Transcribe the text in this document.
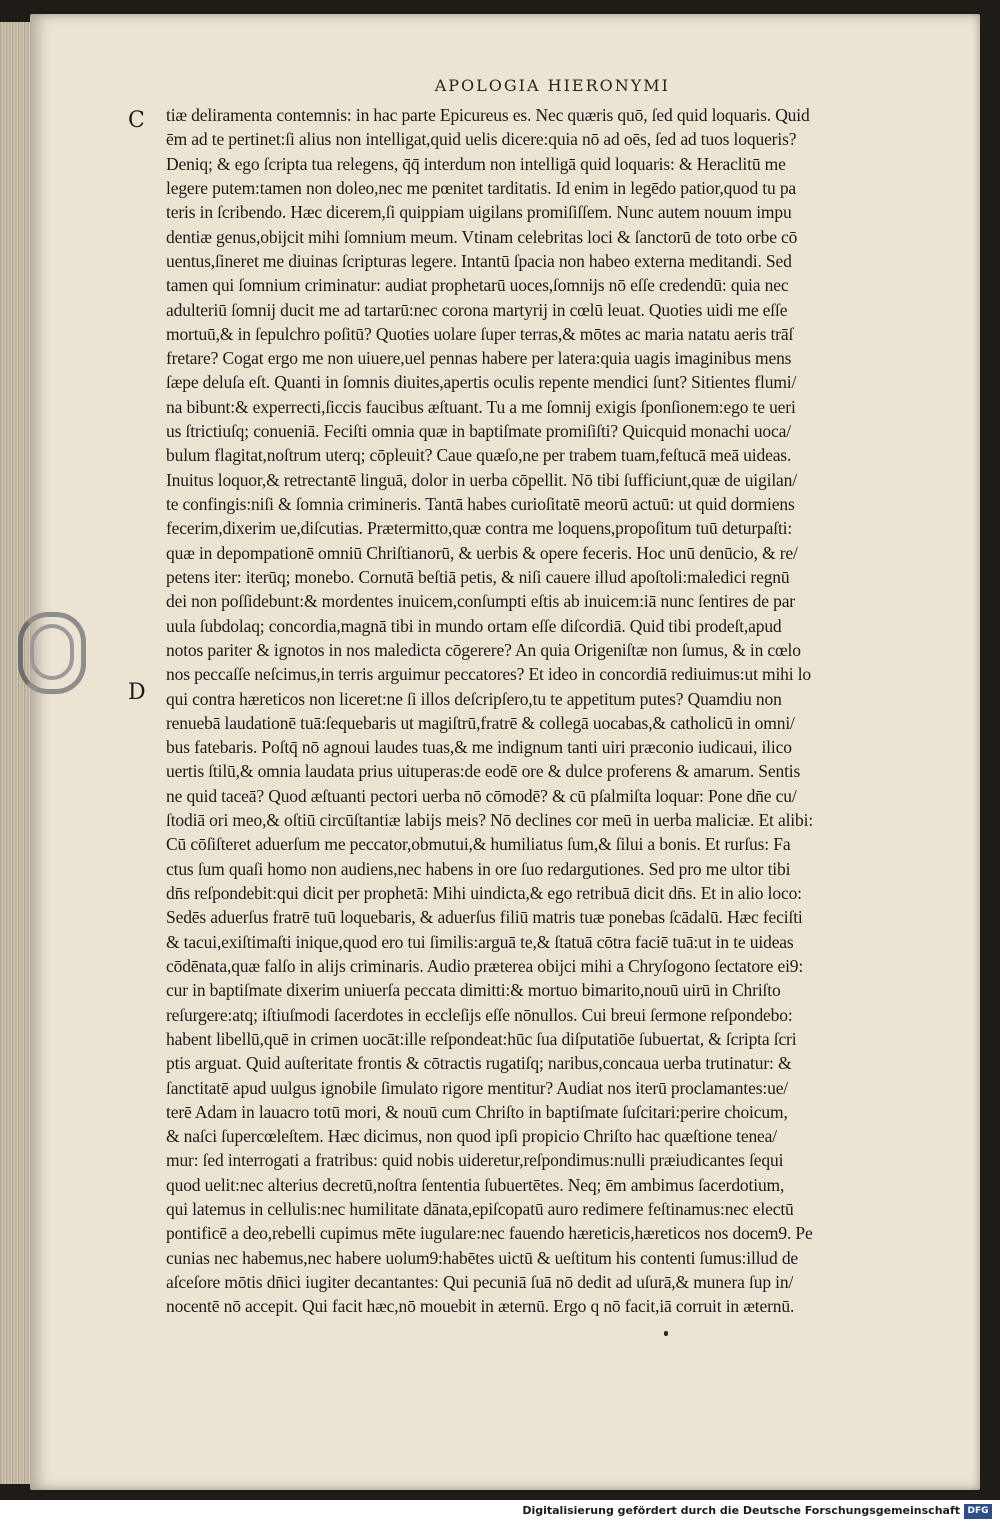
APOLOGIA HIERONYMI
C
D
tiæ deliramenta contemnis: in hac parte Epicureus es. Nec quæris quō, ſed quid loquaris. Quid
ēm ad te pertinet:ſi alius non intelligat,quid uelis dicere:quia nō ad oēs, ſed ad tuos loqueris?
Deniq; & ego ſcripta tua relegens, q̄q̄ interdum non intelligā quid loquaris: & Heraclitū me
legere putem:tamen non doleo,nec me pœnitet tarditatis. Id enim in legēdo patior,quod tu pa
teris in ſcribendo. Hæc dicerem,ſi quippiam uigilans promiſiſſem. Nunc autem nouum impu
dentiæ genus,obijcit mihi ſomnium meum. Vtinam celebritas loci & ſanctorū de toto orbe cō
uentus,ſineret me diuinas ſcripturas legere. Intantū ſpacia non habeo externa meditandi. Sed
tamen qui ſomnium criminatur: audiat prophetarū uoces,ſomnijs nō eſſe credendū: quia nec
adulteriū ſomnij ducit me ad tartarū:nec corona martyrij in cœlū leuat. Quoties uidi me eſſe
mortuū,& in ſepulchro poſitū? Quoties uolare ſuper terras,& mōtes ac maria natatu aeris trāſ
fretare? Cogat ergo me non uiuere,uel pennas habere per latera:quia uagis imaginibus mens
ſæpe deluſa eſt. Quanti in ſomnis diuites,apertis oculis repente mendici ſunt? Sitientes flumi/
na bibunt:& experrecti,ſiccis faucibus æſtuant. Tu a me ſomnij exigis ſponſionem:ego te ueri
us ſtrictiuſq; conueniā. Feciſti omnia quæ in baptiſmate promiſiſti? Quicquid monachi uoca/
bulum flagitat,noſtrum uterq; cōpleuit? Caue quæſo,ne per trabem tuam,feſtucā meā uideas.
Inuitus loquor,& retrectantē linguā, dolor in uerba cōpellit. Nō tibi ſufficiunt,quæ de uigilan/
te confingis:niſi & ſomnia crimineris. Tantā habes curioſitatē meorū actuū: ut quid dormiens
fecerim,dixerim ue,diſcutias. Prætermitto,quæ contra me loquens,propoſitum tuū deturpaſti:
quæ in depompationē omniū Chriſtianorū, & uerbis & opere feceris. Hoc unū denūcio, & re/
petens iter: iterūq; monebo. Cornutā beſtiā petis, & niſi cauere illud apoſtoli:maledici regnū
dei non poſſidebunt:& mordentes inuicem,conſumpti eſtis ab inuicem:iā nunc ſentires de par
uula ſubdolaq; concordia,magnā tibi in mundo ortam eſſe diſcordiā. Quid tibi prodeſt,apud
notos pariter & ignotos in nos maledicta cōgerere? An quia Origeniſtæ non ſumus, & in cœlo
nos peccaſſe neſcimus,in terris arguimur peccatores? Et ideo in concordiā rediuimus:ut mihi lo
qui contra hæreticos non liceret:ne ſi illos deſcripſero,tu te appetitum putes? Quamdiu non
renuebā laudationē tuā:ſequebaris ut magiſtrū,fratrē & collegā uocabas,& catholicū in omni/
bus fatebaris. Poſtq̄ nō agnoui laudes tuas,& me indignum tanti uiri præconio iudicaui, ilico
uertis ſtilū,& omnia laudata prius uituperas:de eodē ore & dulce proferens & amarum. Sentis
ne quid taceā? Quod æſtuanti pectori uerba nō cōmodē? & cū pſalmiſta loquar: Pone dn̄e cu/
ſtodiā ori meo,& oſtiū circūſtantiæ labijs meis? Nō declines cor meū in uerba maliciæ. Et alibi:
Cū cōſiſteret aduerſum me peccator,obmutui,& humiliatus ſum,& ſilui a bonis. Et rurſus: Fa
ctus ſum quaſi homo non audiens,nec habens in ore ſuo redargutiones. Sed pro me ultor tibi
dn̄s reſpondebit:qui dicit per prophetā: Mihi uindicta,& ego retribuā dicit dn̄s. Et in alio loco:
Sedēs aduerſus fratrē tuū loquebaris, & aduerſus filiū matris tuæ ponebas ſcādalū. Hæc feciſti
& tacui,exiſtimaſti inique,quod ero tui ſimilis:arguā te,& ſtatuā cōtra faciē tuā:ut in te uideas
cōdēnata,quæ falſo in alijs criminaris. Audio præterea obijci mihi a Chryſogono ſectatore ei9:
cur in baptiſmate dixerim uniuerſa peccata dimitti:& mortuo bimarito,nouū uirū in Chriſto
reſurgere:atq; iſtiuſmodi ſacerdotes in eccleſijs eſſe nōnullos. Cui breui ſermone reſpondebo:
habent libellū,quē in crimen uocāt:ille reſpondeat:hūc ſua diſputatiōe ſubuertat, & ſcripta ſcri
ptis arguat. Quid auſteritate frontis & cōtractis rugatiſq; naribus,concaua uerba trutinatur: &
ſanctitatē apud uulgus ignobile ſimulato rigore mentitur? Audiat nos iterū proclamantes:ue/
terē Adam in lauacro totū mori, & nouū cum Chriſto in baptiſmate ſuſcitari:perire choicum,
& naſci ſupercœleſtem. Hæc dicimus, non quod ipſi propicio Chriſto hac quæſtione tenea/
mur: ſed interrogati a fratribus: quid nobis uideretur,reſpondimus:nulli præiudicantes ſequi
quod uelit:nec alterius decretū,noſtra ſententia ſubuertētes. Neq; ēm ambimus ſacerdotium,
qui latemus in cellulis:nec humilitate dānata,epiſcopatū auro redimere feſtinamus:nec electū
pontificē a deo,rebelli cupimus mēte iugulare:nec fauendo hæreticis,hæreticos nos docem9. Pe
cunias nec habemus,nec habere uolum9:habētes uictū & ueſtitum his contenti ſumus:illud de
aſceſore mōtis dn̄ici iugiter decantantes: Qui pecuniā ſuā nō dedit ad uſurā,& munera ſup in/
nocentē nō accepit. Qui facit hæc,nō mouebit in æternū. Ergo q nō facit,iā corruit in æternū.
Digitalisierung gefördert durch die Deutsche Forschungsgemeinschaft DFG
